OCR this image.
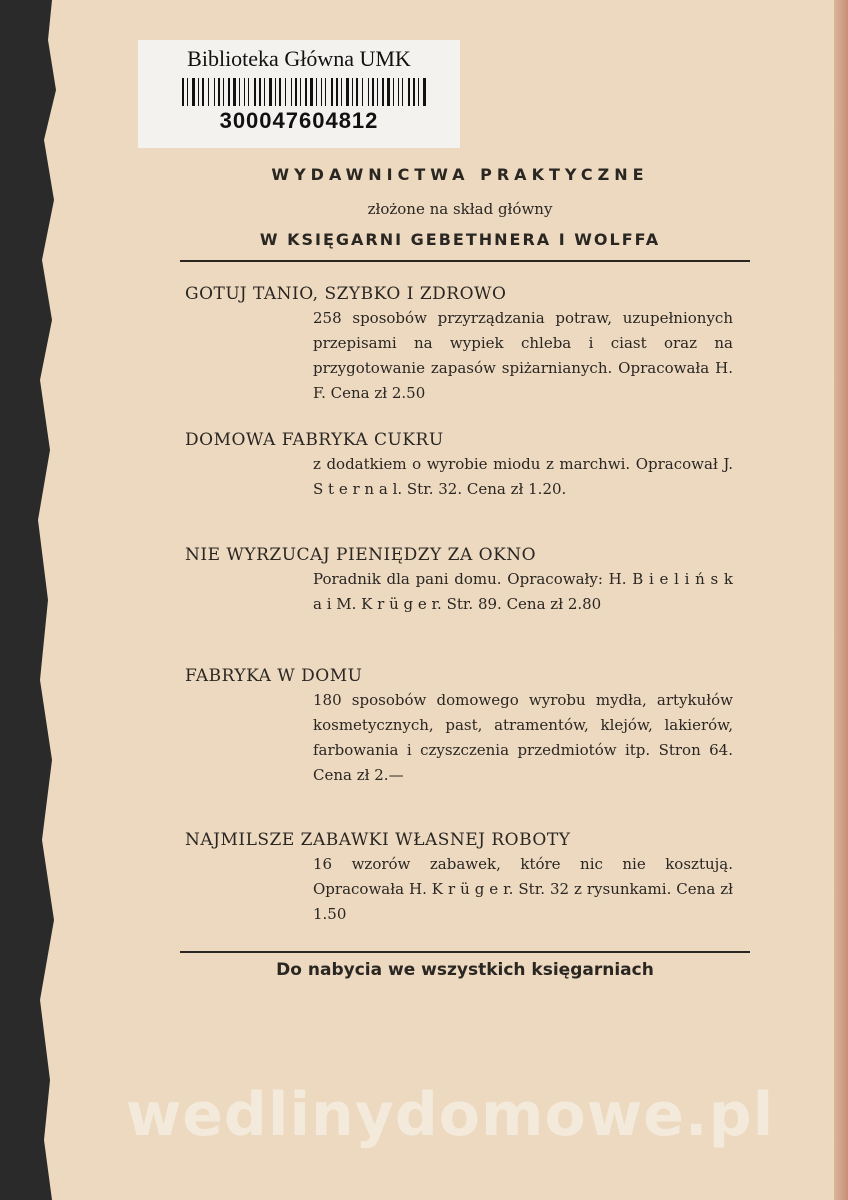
Biblioteka Główna UMK
300047604812
WYDAWNICTWA PRAKTYCZNE
złożone na skład główny
W KSIĘGARNI GEBETHNERA I WOLFFA
GOTUJ TANIO, SZYBKO I ZDROWO
258 sposobów przyrządzania potraw, uzupełnionych przepisami na wypiek chleba i ciast oraz na przygotowanie zapasów spiżarnianych. Opracowała H. F. Cena zł 2.50
DOMOWA FABRYKA CUKRU
z dodatkiem o wyrobie miodu z marchwi. Opracował J. S t e r n a l. Str. 32. Cena zł 1.20.
NIE WYRZUCAJ PIENIĘDZY ZA OKNO
Poradnik dla pani domu. Opracowały: H. B i e l i ń s k a i M. K r ü g e r. Str. 89. Cena zł 2.80
FABRYKA W DOMU
180 sposobów domowego wyrobu mydła, artykułów kosmetycznych, past, atramentów, klejów, lakierów, farbowania i czyszczenia przedmiotów itp. Stron 64. Cena zł 2.—
NAJMILSZE ZABAWKI WŁASNEJ ROBOTY
16 wzorów zabawek, które nic nie kosztują. Opracowała H. K r ü g e r. Str. 32 z rysunkami. Cena zł 1.50
Do nabycia we wszystkich księgarniach
wedlinydomowe.pl
